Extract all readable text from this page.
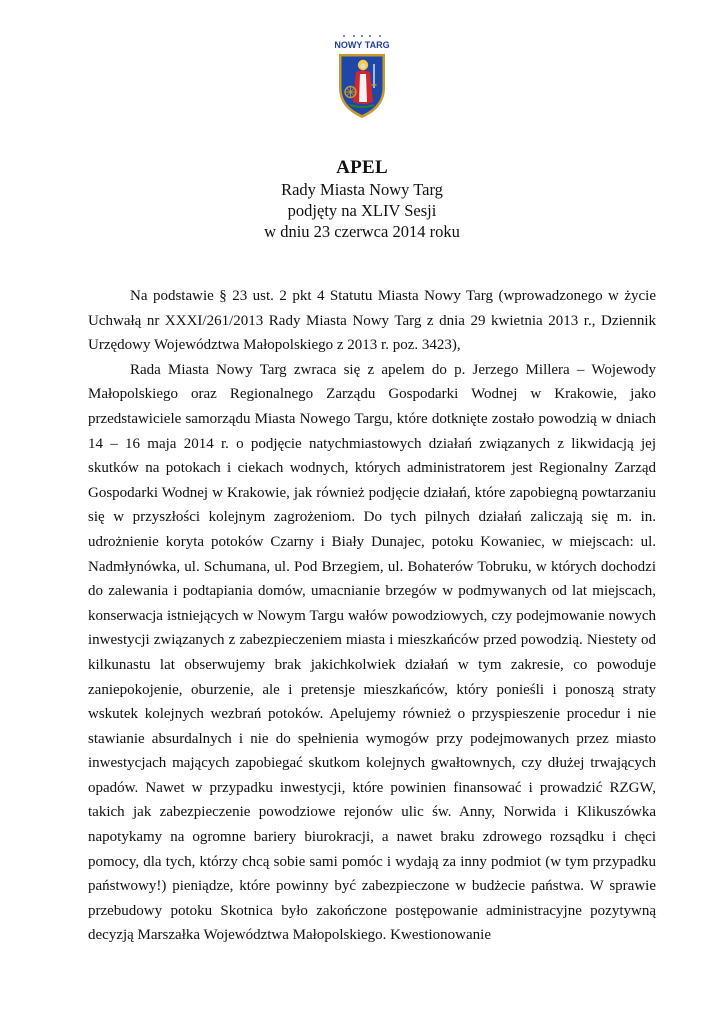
NOWY TARG
APEL
Rady Miasta Nowy Targ
podjęty na XLIV Sesji
w dniu 23 czerwca 2014 roku

Na podstawie § 23 ust. 2 pkt 4 Statutu Miasta Nowy Targ (wprowadzonego w życie Uchwałą nr XXXI/261/2013 Rady Miasta Nowy Targ z dnia 29 kwietnia 2013 r., Dziennik Urzędowy Województwa Małopolskiego z 2013 r. poz. 3423),

Rada Miasta Nowy Targ zwraca się z apelem do p. Jerzego Millera – Wojewody Małopolskiego oraz Regionalnego Zarządu Gospodarki Wodnej w Krakowie, jako przedstawiciele samorządu Miasta Nowego Targu, które dotknięte zostało powodzią w dniach 14 – 16 maja 2014 r. o podjęcie natychmiastowych działań związanych z likwidacją jej skutków na potokach i ciekach wodnych, których administratorem jest Regionalny Zarząd Gospodarki Wodnej w Krakowie, jak również podjęcie działań, które zapobiegną powtarzaniu się w przyszłości kolejnym zagrożeniom. Do tych pilnych działań zaliczają się m. in. udrożnienie koryta potoków Czarny i Biały Dunajec, potoku Kowaniec, w miejscach: ul. Nadmłynówka, ul. Schumana, ul. Pod Brzegiem, ul. Bohaterów Tobruku, w których dochodzi do zalewania i podtapiania domów, umacnianie brzegów w podmywanych od lat miejscach, konserwacja istniejących w Nowym Targu wałów powodziowych, czy podejmowanie nowych inwestycji związanych z zabezpieczeniem miasta i mieszkańców przed powodzią. Niestety od kilkunastu lat obserwujemy brak jakichkolwiek działań w tym zakresie, co powoduje zaniepokojenie, oburzenie, ale i pretensje mieszkańców, który ponieśli i ponoszą straty wskutek kolejnych wezbrań potoków. Apelujemy również o przyspieszenie procedur i nie stawianie absurdalnych i nie do spełnienia wymogów przy podejmowanych przez miasto inwestycjach mających zapobiegać skutkom kolejnych gwałtownych, czy dłużej trwających opadów. Nawet w przypadku inwestycji, które powinien finansować i prowadzić RZGW, takich jak zabezpieczenie powodziowe rejonów ulic św. Anny, Norwida i Klikuszówka napotykamy na ogromne bariery biurokracji, a nawet braku zdrowego rozsądku i chęci pomocy, dla tych, którzy chcą sobie sami pomóc i wydają za inny podmiot (w tym przypadku państwowy!) pieniądze, które powinny być zabezpieczone w budżecie państwa. W sprawie przebudowy potoku Skotnica było zakończone postępowanie administracyjne pozytywną decyzją Marszałka Województwa Małopolskiego. Kwestionowanie
